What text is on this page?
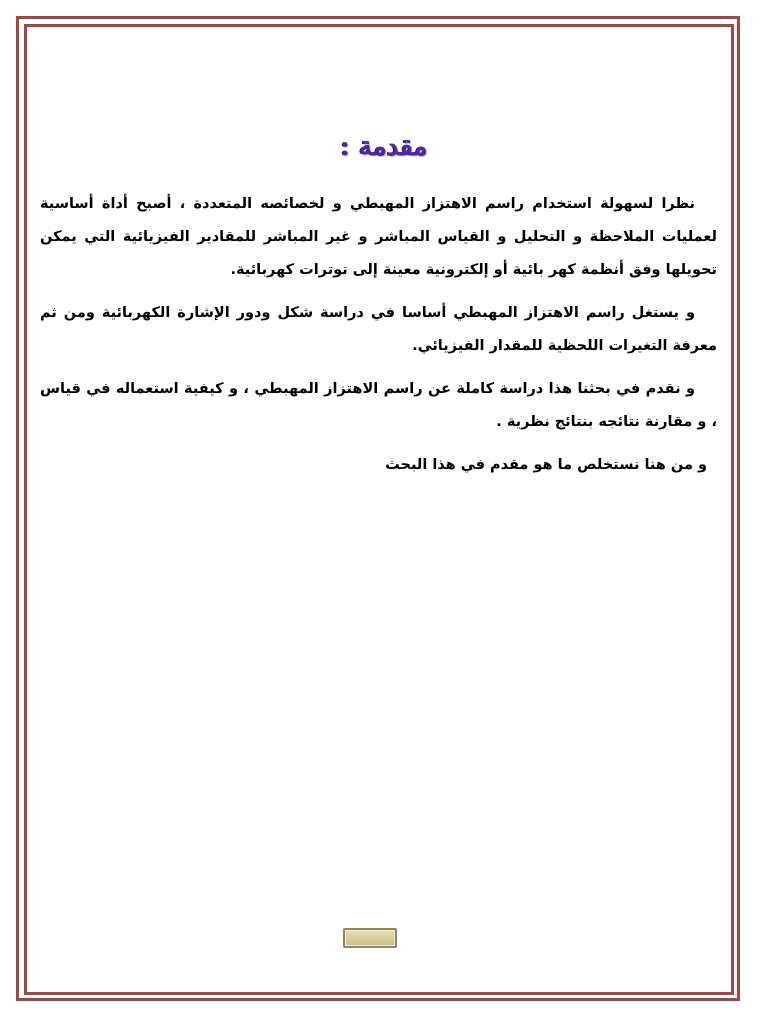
مقدمة :

نظرا لسهولة استخدام راسم الاهتزاز المهبطي و لخصائصه المتعددة ، أصبح أداة أساسية لعمليات الملاحظة و التحليل و القياس المباشر و غير المباشر للمقادير الفيزيائية التي يمكن تحويلها وفق أنظمة كهر بائية أو إلكترونية معينة إلى توترات كهربائية.

و يستغل راسم الاهتزاز المهبطي أساسا في دراسة شكل ودور الإشارة الكهربائية ومن ثم معرفة التغيرات اللحظية للمقدار الفيزيائي.

و نقدم في بحثنا هذا دراسة كاملة عن راسم الاهتزاز المهبطي ، و كيفية استعماله في قياس ، و مقارنة نتائجه بنتائج نظرية .

و من هنا نستخلص ما هو مقدم في هذا البحث
